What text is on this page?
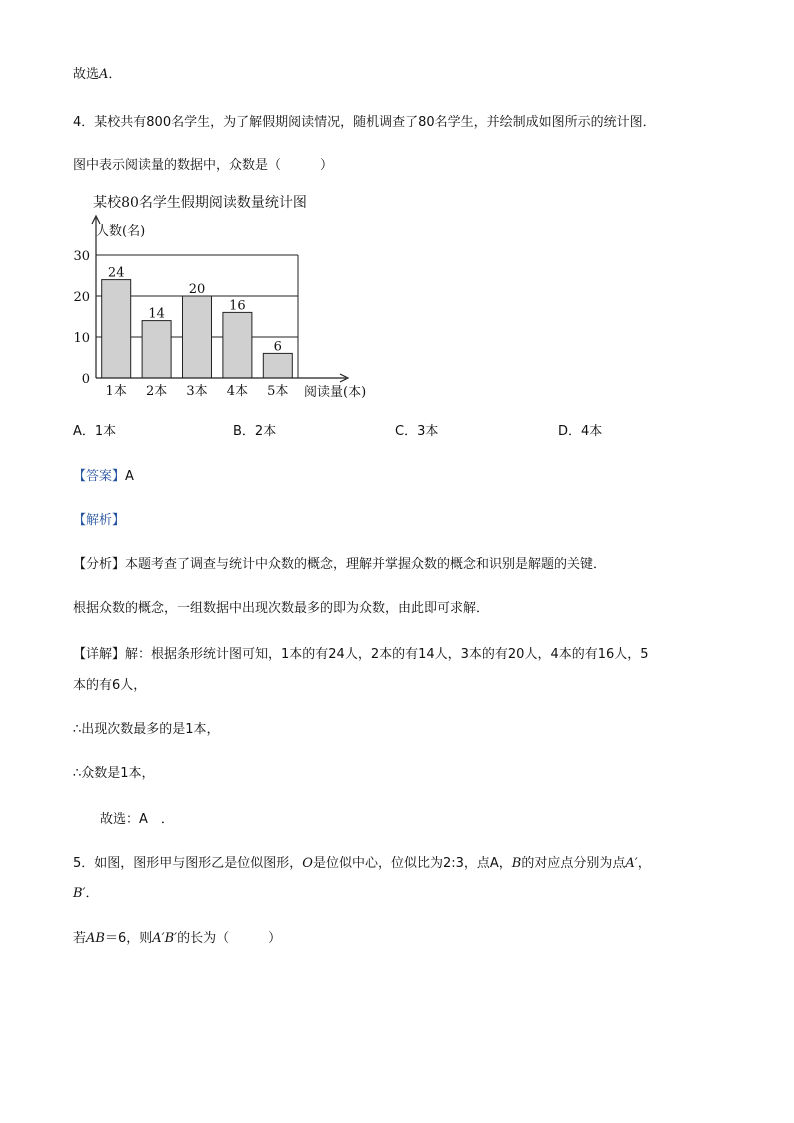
故选A．
4．某校共有800名学生，为了解假期阅读情况，随机调查了80名学生，并绘制成如图所示的统计图．
图中表示阅读量的数据中，众数是（　　　）
某校80名学生假期阅读数量统计图
人数(名)
阅读量(本)
0
10
20
30
24
1本
14
2本
20
3本
16
4本
6
5本
A．1本	B．2本	C．3本	D．4本
【答案】A
【解析】
【分析】本题考查了调查与统计中众数的概念，理解并掌握众数的概念和识别是解题的关键．
根据众数的概念，一组数据中出现次数最多的即为众数，由此即可求解．
【详解】解：根据条形统计图可知，1本的有24人，2本的有14人，3本的有20人，4本的有16人，5
本的有6人，
∴出现次数最多的是1本，
∴众数是1本，
故选：A　．
5．如图，图形甲与图形乙是位似图形，O是位似中心，位似比为2:3，点A，B的对应点分别为点A′，
B′．
若AB＝6，则A′B′的长为（　　　）
